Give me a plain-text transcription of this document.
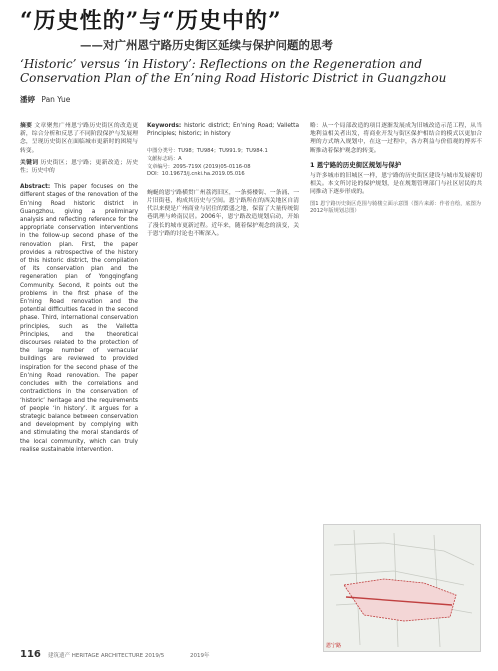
“历史性的”与“历史中的”
——对广州恩宁路历史街区延续与保护问题的思考
‘Historic’ versus ‘in History’: Reflections on the Regeneration and Conservation Plan of the En’ning Road Historic District in Guangzhou
潘婷 Pan Yue

摘要 文章聚焦广州恩宁路历史街区的改造更新，综合分析和反思了不同阶段保护与发展理念，呈现历史街区在面临城市更新时的困境与转变。

关键词 历史街区；恩宁路；更新改造；历史性；历史中的

Abstract: This paper focuses on the different stages of the renovation of the En’ning Road historic district in Guangzhou, giving a preliminary analysis and reflecting reference for the appropriate conservation interventions in the follow-up second phase of the renovation plan. First, the paper provides a retrospective of the history of this historic district, the compilation of its conservation plan and the regeneration plan of Yongqingfang Community. Second, it points out the problems in the first phase of the En’ning Road renovation and the potential difficulties faced in the second phase. Third, international conservation principles, such as the Valletta Principles, and the theoretical discourses related to the protection of the large number of vernacular buildings are reviewed to provided inspiration for the second phase of the En’ning Road renovation. The paper concludes with the correlations and contradictions in the conservation of ‘historic’ heritage and the requirements of people ‘in history’. It argues for a strategic balance between conservation and development by complying with and stimulating the moral standards of the local community, which can truly realise sustainable intervention.

Keywords: historic district; En’ning Road; Valletta Principles; historic; in history

中图分类号：TU98；TU984；TU991.9；TU984.1
文献标志码：A
文章编号：2095-719X (2019)05-0116-08
DOI：10.19673/j.cnki.ha.2019.05.016

蜿蜒的恩宁路横贯广州荔湾旧区，一条骑楼街、一条涌、一片旧街巷，构成其历史与空间。恩宁路所在的西关地区自清代以来便是广州商业与居住的繁盛之地，保留了大量传统街巷肌理与岭南民居。2006年，恩宁路改造规划启动，开始了漫长的城市更新过程。近年来，随着保护观念的演变，关于恩宁路的讨论也不断深入。

略：从一个局部改造的项目逐渐发展成为旧城改造示范工程，从当地利益相关者出发，将商业开发与街区保护相结合的模式以更加合理的方式纳入规划中，在这一过程中，各方利益与价值观的博弈不断推动着保护观念的转变。

1 恩宁路的历史街区规划与保护

与许多城市的旧城区一样，恩宁路的历史街区建设与城市发展密切相关。本文所讨论的保护规划，是在规划管理部门与社区居民的共同推动下逐步形成的。

图1 恩宁路历史街区范围与骑楼立面示意图（图片来源：作者自绘，底图为2012年版规划总图）
恩宁路
116 建筑遗产 HERITAGE ARCHITECTURE 2019/5	2019年
